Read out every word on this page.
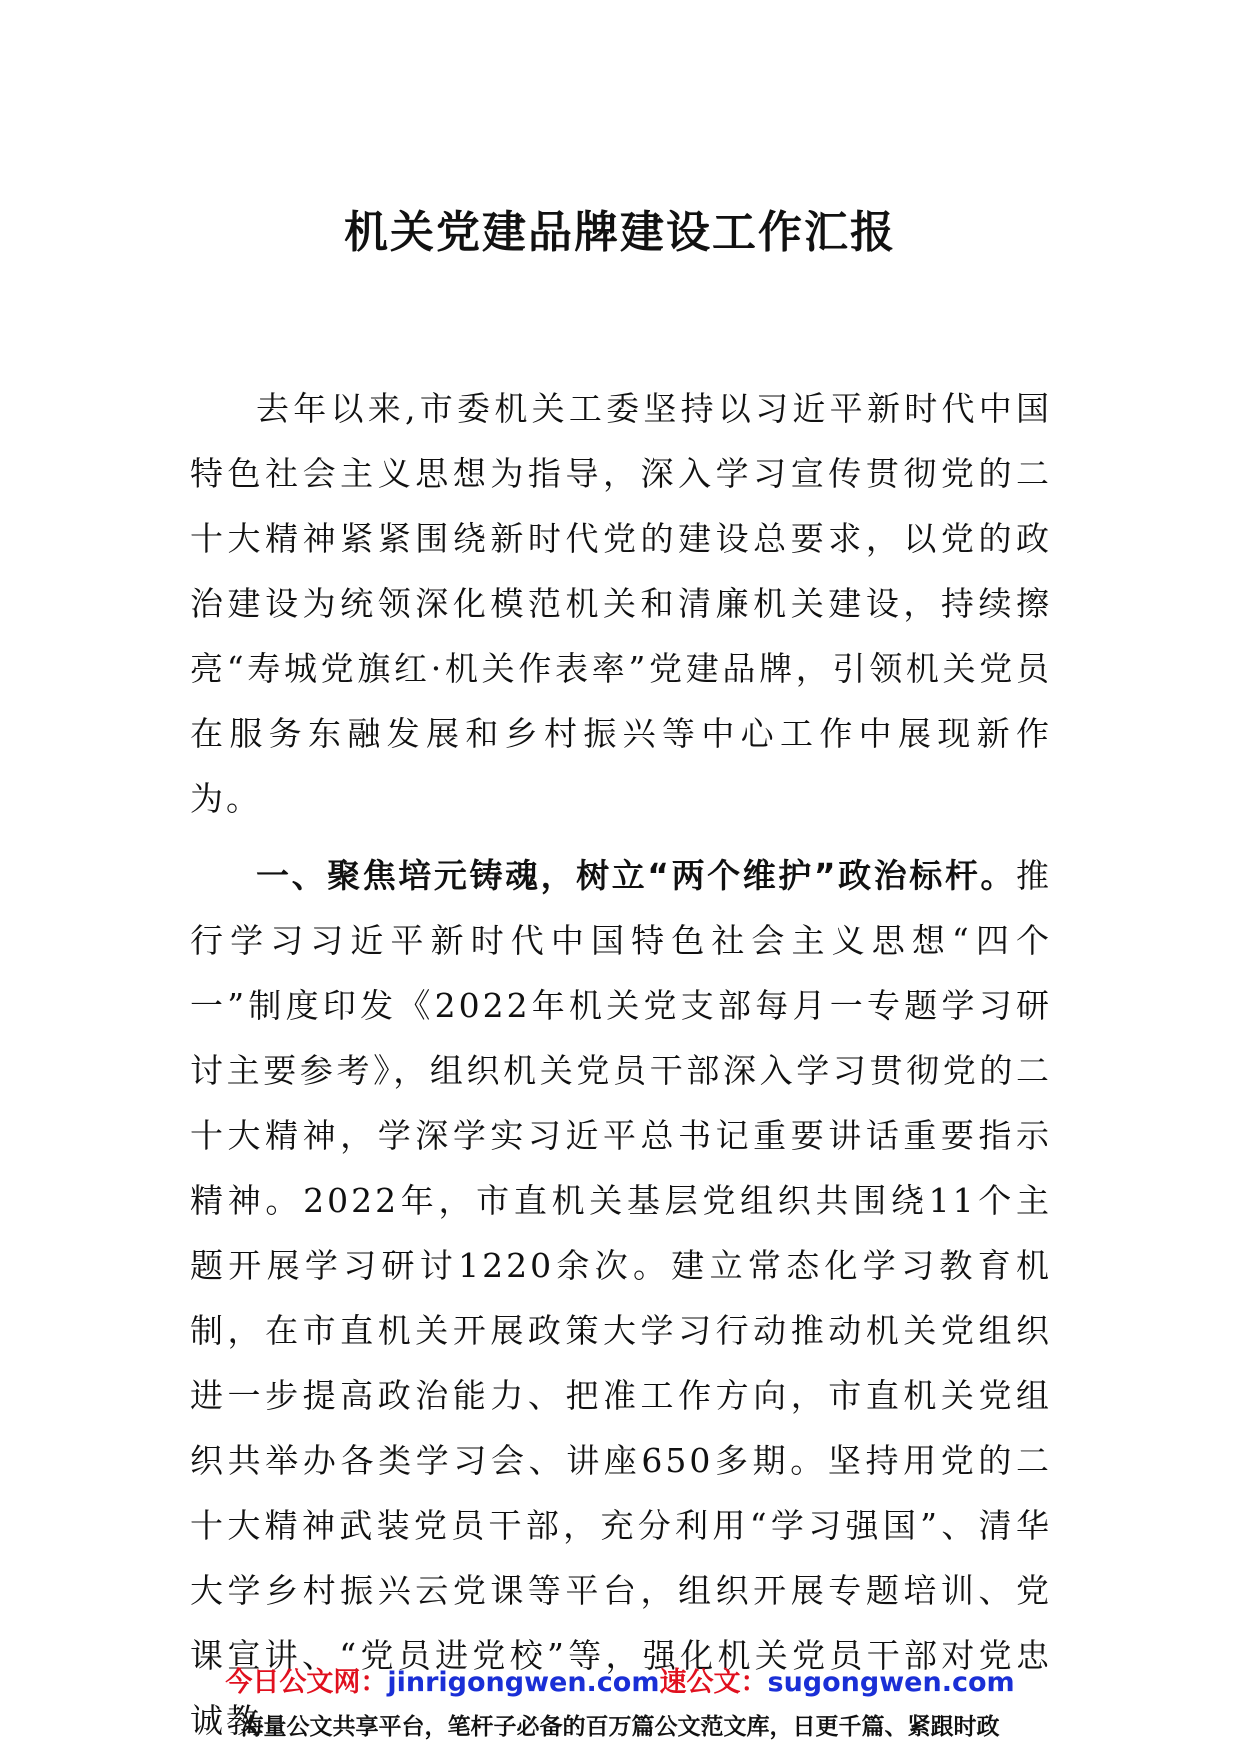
机关党建品牌建设工作汇报

去年以来,市委机关工委坚持以习近平新时代中国特色社会主义思想为指导，深入学习宣传贯彻党的二十大精神紧紧围绕新时代党的建设总要求，以党的政治建设为统领深化模范机关和清廉机关建设，持续擦亮“寿城党旗红·机关作表率”党建品牌，引领机关党员在服务东融发展和乡村振兴等中心工作中展现新作为。

一、聚焦培元铸魂，树立“两个维护”政治标杆。推行学习习近平新时代中国特色社会主义思想“四个一”制度印发《2022年机关党支部每月一专题学习研讨主要参考》，组织机关党员干部深入学习贯彻党的二十大精神，学深学实习近平总书记重要讲话重要指示精神。2022年，市直机关基层党组织共围绕11个主题开展学习研讨1220余次。建立常态化学习教育机制，在市直机关开展政策大学习行动推动机关党组织进一步提高政治能力、把准工作方向，市直机关党组织共举办各类学习会、讲座650多期。坚持用党的二十大精神武装党员干部，充分利用“学习强国”、清华大学乡村振兴云党课等平台，组织开展专题培训、党课宣讲、“党员进党校”等，强化机关党员干部对党忠诚教

今日公文网：jinrigongwen.com速公文：sugongwen.com
海量公文共享平台，笔杆子必备的百万篇公文范文库，日更千篇、紧跟时政
